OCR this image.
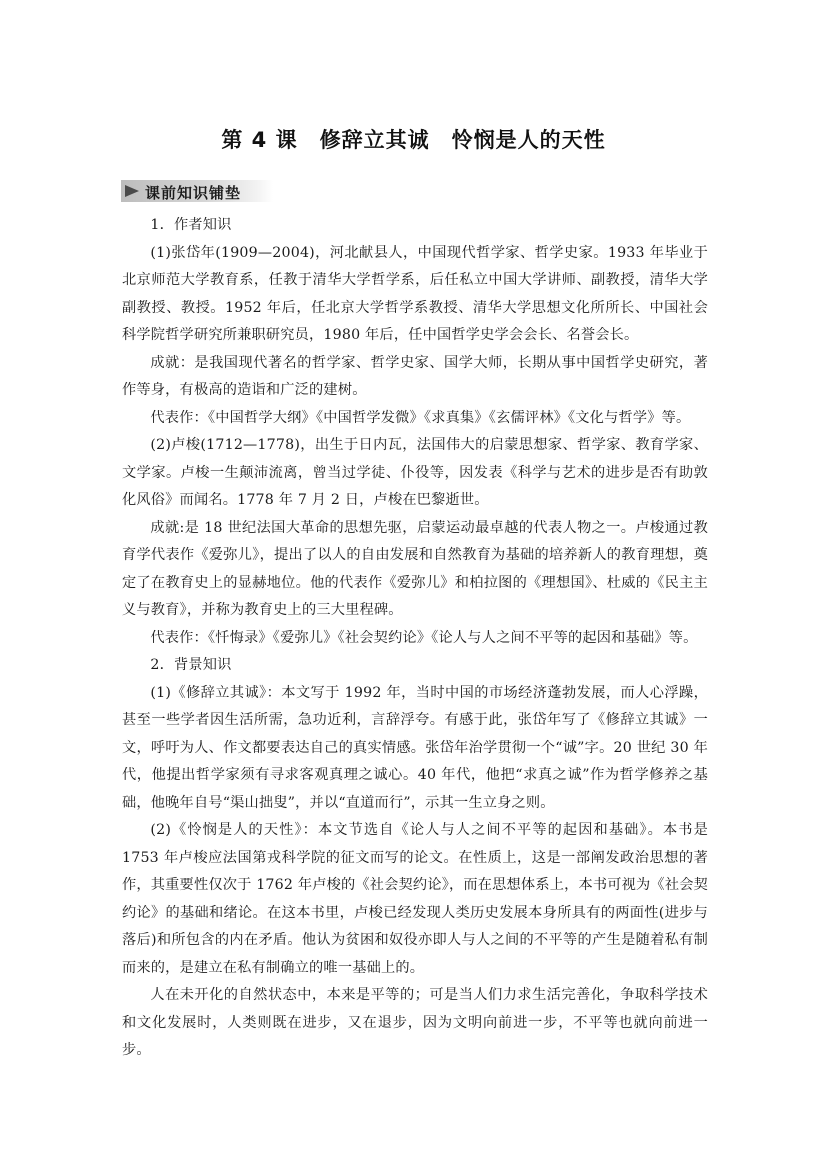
第 4 课　修辞立其诚　怜悯是人的天性
课前知识铺垫

1．作者知识

(1)张岱年(1909—2004)，河北献县人，中国现代哲学家、哲学史家。1933 年毕业于北京师范大学教育系，任教于清华大学哲学系，后任私立中国大学讲师、副教授，清华大学副教授、教授。1952 年后，任北京大学哲学系教授、清华大学思想文化所所长、中国社会科学院哲学研究所兼职研究员，1980 年后，任中国哲学史学会会长、名誉会长。

成就：是我国现代著名的哲学家、哲学史家、国学大师，长期从事中国哲学史研究，著作等身，有极高的造诣和广泛的建树。

代表作：《中国哲学大纲》《中国哲学发微》《求真集》《玄儒评林》《文化与哲学》等。

(2)卢梭(1712—1778)，出生于日内瓦，法国伟大的启蒙思想家、哲学家、教育学家、文学家。卢梭一生颠沛流离，曾当过学徒、仆役等，因发表《科学与艺术的进步是否有助敦化风俗》而闻名。1778 年 7 月 2 日，卢梭在巴黎逝世。

成就:是 18 世纪法国大革命的思想先驱，启蒙运动最卓越的代表人物之一。卢梭通过教育学代表作《爱弥儿》，提出了以人的自由发展和自然教育为基础的培养新人的教育理想，奠定了在教育史上的显赫地位。他的代表作《爱弥儿》和柏拉图的《理想国》、杜威的《民主主义与教育》，并称为教育史上的三大里程碑。

代表作：《忏悔录》《爱弥儿》《社会契约论》《论人与人之间不平等的起因和基础》等。

2．背景知识

(1)《修辞立其诚》：本文写于 1992 年，当时中国的市场经济蓬勃发展，而人心浮躁，甚至一些学者因生活所需，急功近利，言辞浮夸。有感于此，张岱年写了《修辞立其诚》一文，呼吁为人、作文都要表达自己的真实情感。张岱年治学贯彻一个“诚”字。20 世纪 30 年代，他提出哲学家须有寻求客观真理之诚心。40 年代，他把“求真之诚”作为哲学修养之基础，他晚年自号“渠山拙叟”，并以“直道而行”，示其一生立身之则。

(2)《怜悯是人的天性》：本文节选自《论人与人之间不平等的起因和基础》。本书是 1753 年卢梭应法国第戎科学院的征文而写的论文。在性质上，这是一部阐发政治思想的著作，其重要性仅次于 1762 年卢梭的《社会契约论》，而在思想体系上，本书可视为《社会契约论》的基础和绪论。在这本书里，卢梭已经发现人类历史发展本身所具有的两面性(进步与落后)和所包含的内在矛盾。他认为贫困和奴役亦即人与人之间的不平等的产生是随着私有制而来的，是建立在私有制确立的唯一基础上的。

人在未开化的自然状态中，本来是平等的；可是当人们力求生活完善化，争取科学技术和文化发展时，人类则既在进步，又在退步，因为文明向前进一步，不平等也就向前进一步。
